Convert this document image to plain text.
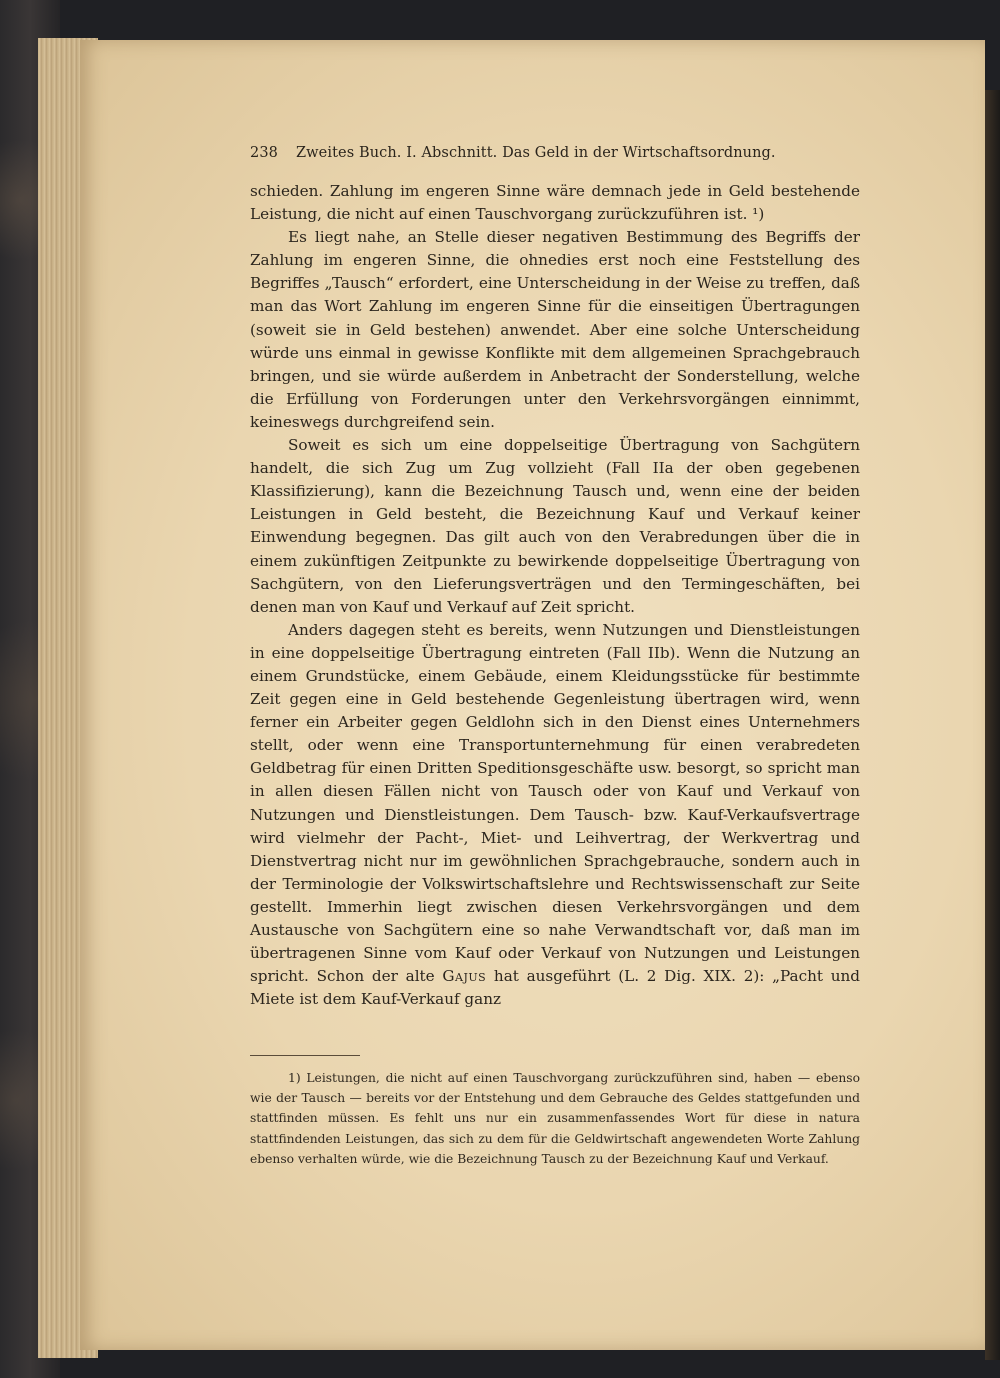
238 Zweites Buch. I. Abschnitt. Das Geld in der Wirtschaftsordnung.

schieden. Zahlung im engeren Sinne wäre demnach jede in Geld bestehende Leistung, die nicht auf einen Tauschvorgang zurückzuführen ist. ¹)

Es liegt nahe, an Stelle dieser negativen Bestimmung des Begriffs der Zahlung im engeren Sinne, die ohnedies erst noch eine Feststellung des Begriffes „Tausch“ erfordert, eine Unterscheidung in der Weise zu treffen, daß man das Wort Zahlung im engeren Sinne für die einseitigen Übertragungen (soweit sie in Geld bestehen) anwendet. Aber eine solche Unterscheidung würde uns einmal in gewisse Konflikte mit dem allgemeinen Sprachgebrauch bringen, und sie würde außerdem in Anbetracht der Sonderstellung, welche die Erfüllung von Forderungen unter den Verkehrsvorgängen einnimmt, keineswegs durchgreifend sein.

Soweit es sich um eine doppelseitige Übertragung von Sachgütern handelt, die sich Zug um Zug vollzieht (Fall IIa der oben gegebenen Klassifizierung), kann die Bezeichnung Tausch und, wenn eine der beiden Leistungen in Geld besteht, die Bezeichnung Kauf und Verkauf keiner Einwendung begegnen. Das gilt auch von den Verabredungen über die in einem zukünftigen Zeitpunkte zu bewirkende doppelseitige Übertragung von Sachgütern, von den Lieferungsverträgen und den Termingeschäften, bei denen man von Kauf und Verkauf auf Zeit spricht.

Anders dagegen steht es bereits, wenn Nutzungen und Dienstleistungen in eine doppelseitige Übertragung eintreten (Fall IIb). Wenn die Nutzung an einem Grundstücke, einem Gebäude, einem Kleidungsstücke für bestimmte Zeit gegen eine in Geld bestehende Gegenleistung übertragen wird, wenn ferner ein Arbeiter gegen Geldlohn sich in den Dienst eines Unternehmers stellt, oder wenn eine Transportunternehmung für einen verabredeten Geldbetrag für einen Dritten Speditionsgeschäfte usw. besorgt, so spricht man in allen diesen Fällen nicht von Tausch oder von Kauf und Verkauf von Nutzungen und Dienstleistungen. Dem Tausch- bzw. Kauf-Verkaufsvertrage wird vielmehr der Pacht-, Miet- und Leihvertrag, der Werkvertrag und Dienstvertrag nicht nur im gewöhnlichen Sprachgebrauche, sondern auch in der Terminologie der Volkswirtschaftslehre und Rechtswissenschaft zur Seite gestellt. Immerhin liegt zwischen diesen Verkehrsvorgängen und dem Austausche von Sachgütern eine so nahe Verwandtschaft vor, daß man im übertragenen Sinne vom Kauf oder Verkauf von Nutzungen und Leistungen spricht. Schon der alte Gajus hat ausgeführt (L. 2 Dig. XIX. 2): „Pacht und Miete ist dem Kauf-Verkauf ganz

1) Leistungen, die nicht auf einen Tauschvorgang zurückzuführen sind, haben — ebenso wie der Tausch — bereits vor der Entstehung und dem Gebrauche des Geldes stattgefunden und stattfinden müssen. Es fehlt uns nur ein zusammenfassendes Wort für diese in natura stattfindenden Leistungen, das sich zu dem für die Geldwirtschaft angewendeten Worte Zahlung ebenso verhalten würde, wie die Bezeichnung Tausch zu der Bezeichnung Kauf und Verkauf.
